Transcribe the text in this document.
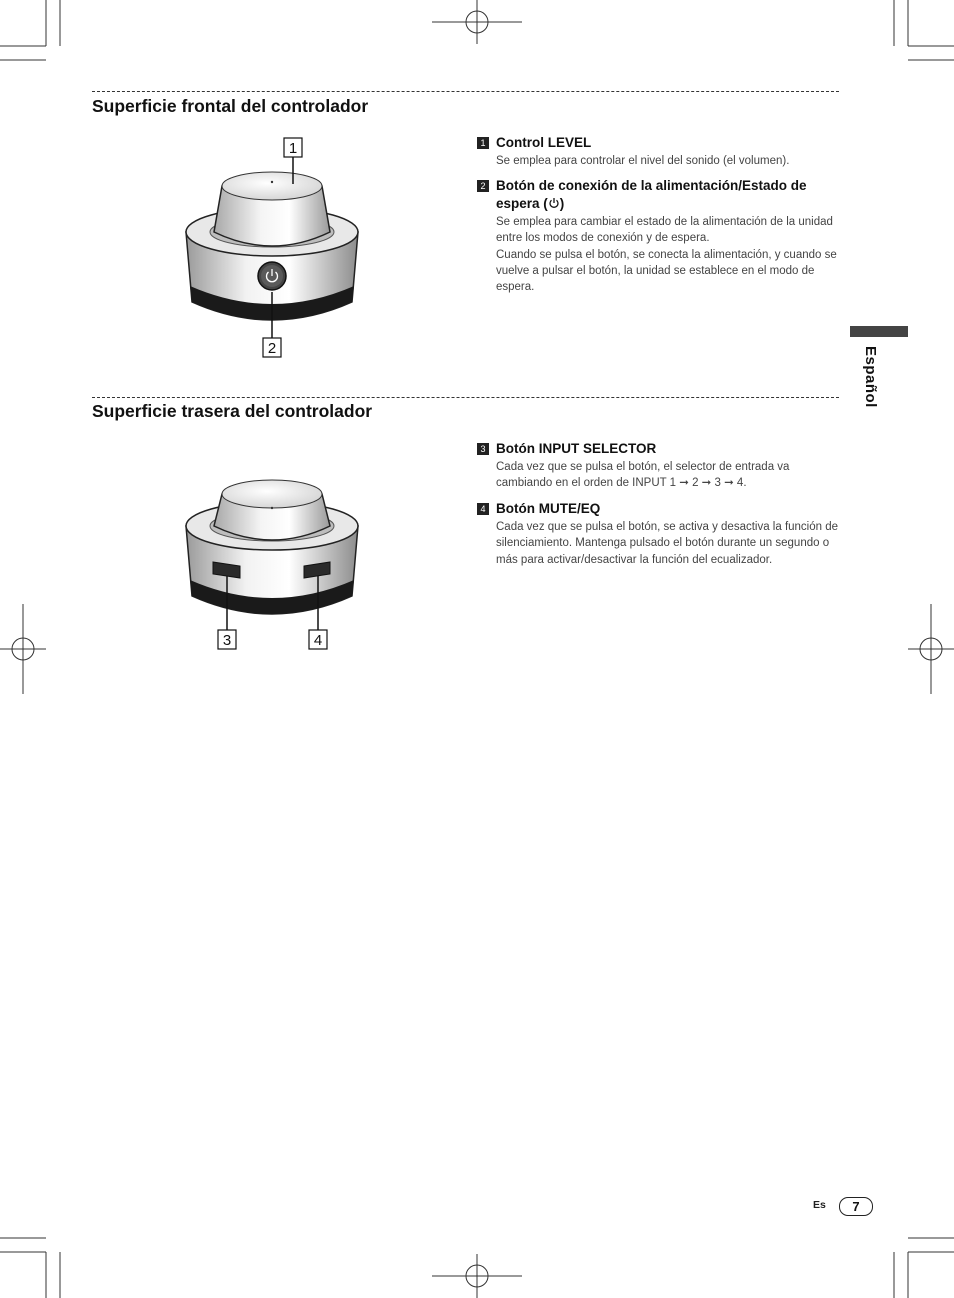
Superficie frontal del controlador
1
2
1 Control LEVEL

Se emplea para controlar el nivel del sonido (el volumen).

2 Botón de conexión de la alimentación/Estado de espera ( )

Se emplea para cambiar el estado de la alimentación de la unidad entre los modos de conexión y de espera.

Cuando se pulsa el botón, se conecta la alimentación, y cuando se vuelve a pulsar el botón, la unidad se establece en el modo de espera.

Español
Superficie trasera del controlador
3	4
3 Botón INPUT SELECTOR

Cada vez que se pulsa el botón, el selector de entrada va cambiando en el orden de INPUT 1 ➞ 2 ➞ 3 ➞ 4.

4 Botón MUTE/EQ

Cada vez que se pulsa el botón, se activa y desactiva la función de silenciamiento. Mantenga pulsado el botón durante un segundo o más para activar/desactivar la función del ecualizador.

Es	7
